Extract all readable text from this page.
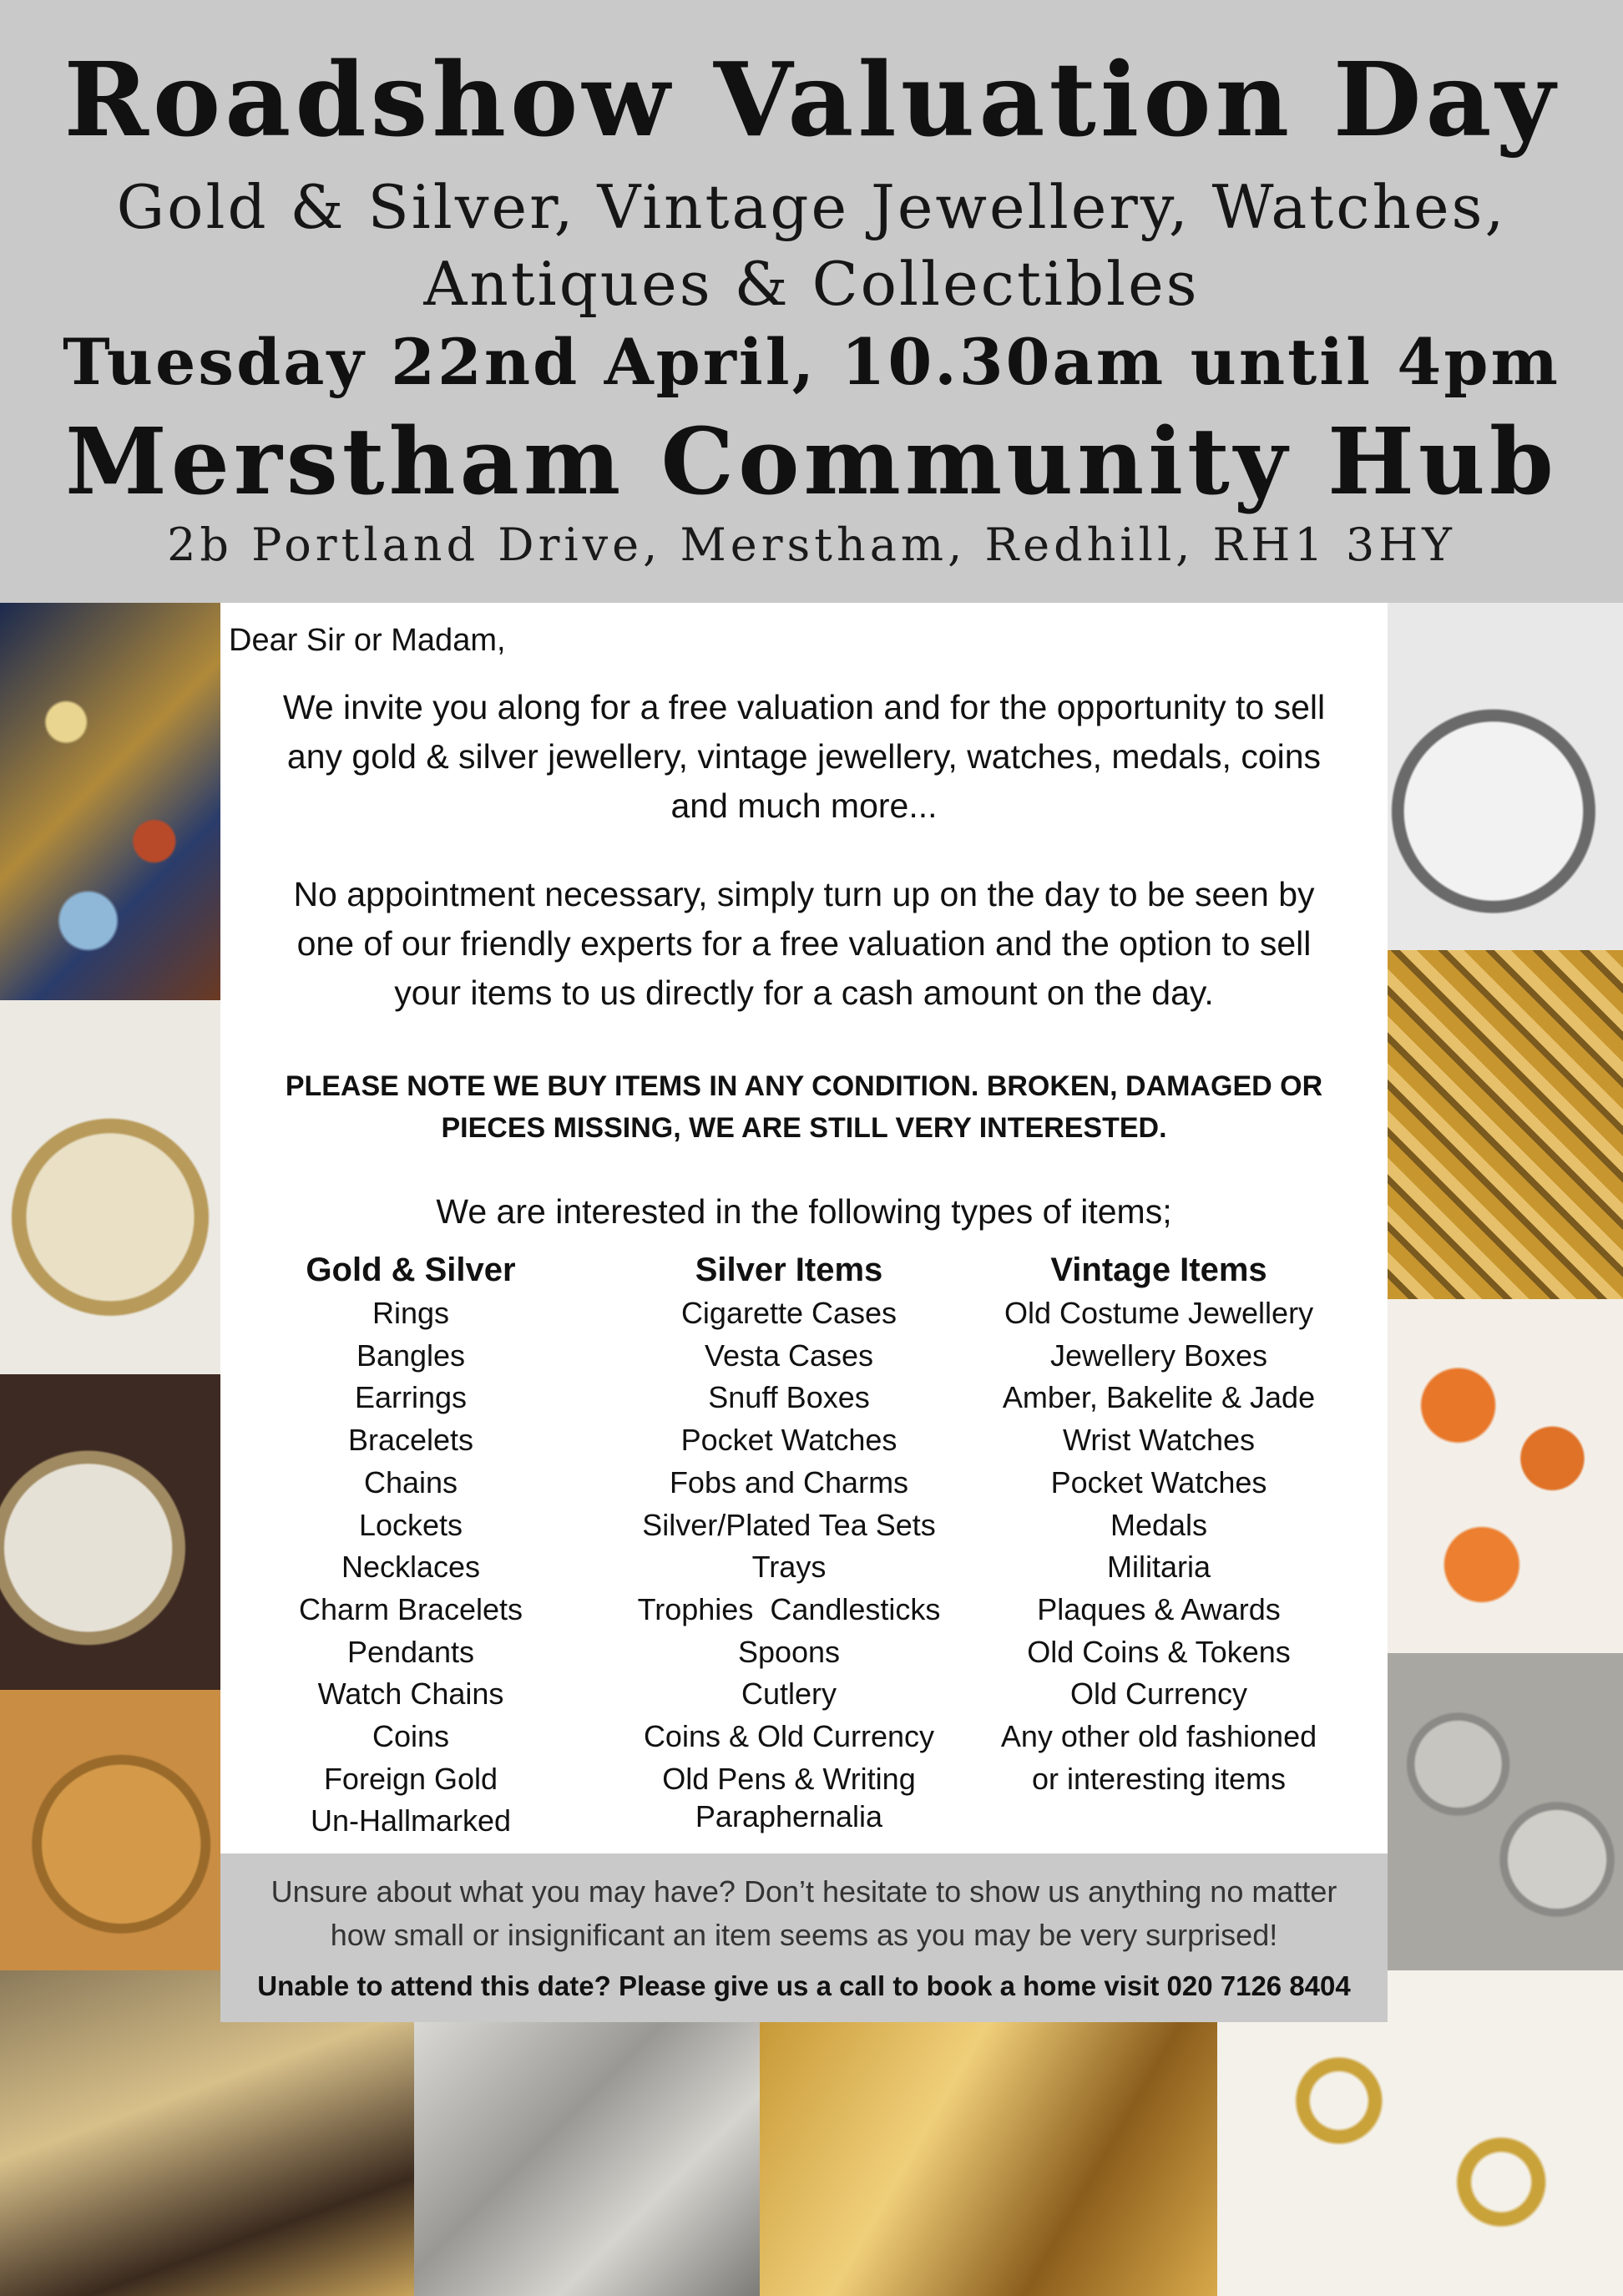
Roadshow Valuation Day
Gold & Silver, Vintage Jewellery, Watches,
Antiques & Collectibles
Tuesday 22nd April, 10.30am until 4pm
Merstham Community Hub
2b Portland Drive, Merstham, Redhill, RH1 3HY
Dear Sir or Madam,
We invite you along for a free valuation and for the opportunity to sell
any gold & silver jewellery, vintage jewellery, watches, medals, coins
and much more...
No appointment necessary, simply turn up on the day to be seen by
one of our friendly experts for a free valuation and the option to sell
your items to us directly for a cash amount on the day.
PLEASE NOTE WE BUY ITEMS IN ANY CONDITION. BROKEN, DAMAGED OR
PIECES MISSING, WE ARE STILL VERY INTERESTED.
We are interested in the following types of items;
Gold & Silver
Rings
Bangles
Earrings
Bracelets
Chains
Lockets
Necklaces
Charm Bracelets
Pendants
Watch Chains
Coins
Foreign Gold
Un-Hallmarked
Silver Items
Cigarette Cases
Vesta Cases
Snuff Boxes
Pocket Watches
Fobs and Charms
Silver/Plated Tea Sets
Trays
Trophies  Candlesticks
Spoons
Cutlery
Coins & Old Currency
Old Pens & Writing
Paraphernalia
Vintage Items
Old Costume Jewellery
Jewellery Boxes
Amber, Bakelite & Jade
Wrist Watches
Pocket Watches
Medals
Militaria
Plaques & Awards
Old Coins & Tokens
Old Currency
Any other old fashioned
or interesting items
Unsure about what you may have? Don’t hesitate to show us anything no matter
how small or insignificant an item seems as you may be very surprised!
Unable to attend this date? Please give us a call to book a home visit 020 7126 8404
